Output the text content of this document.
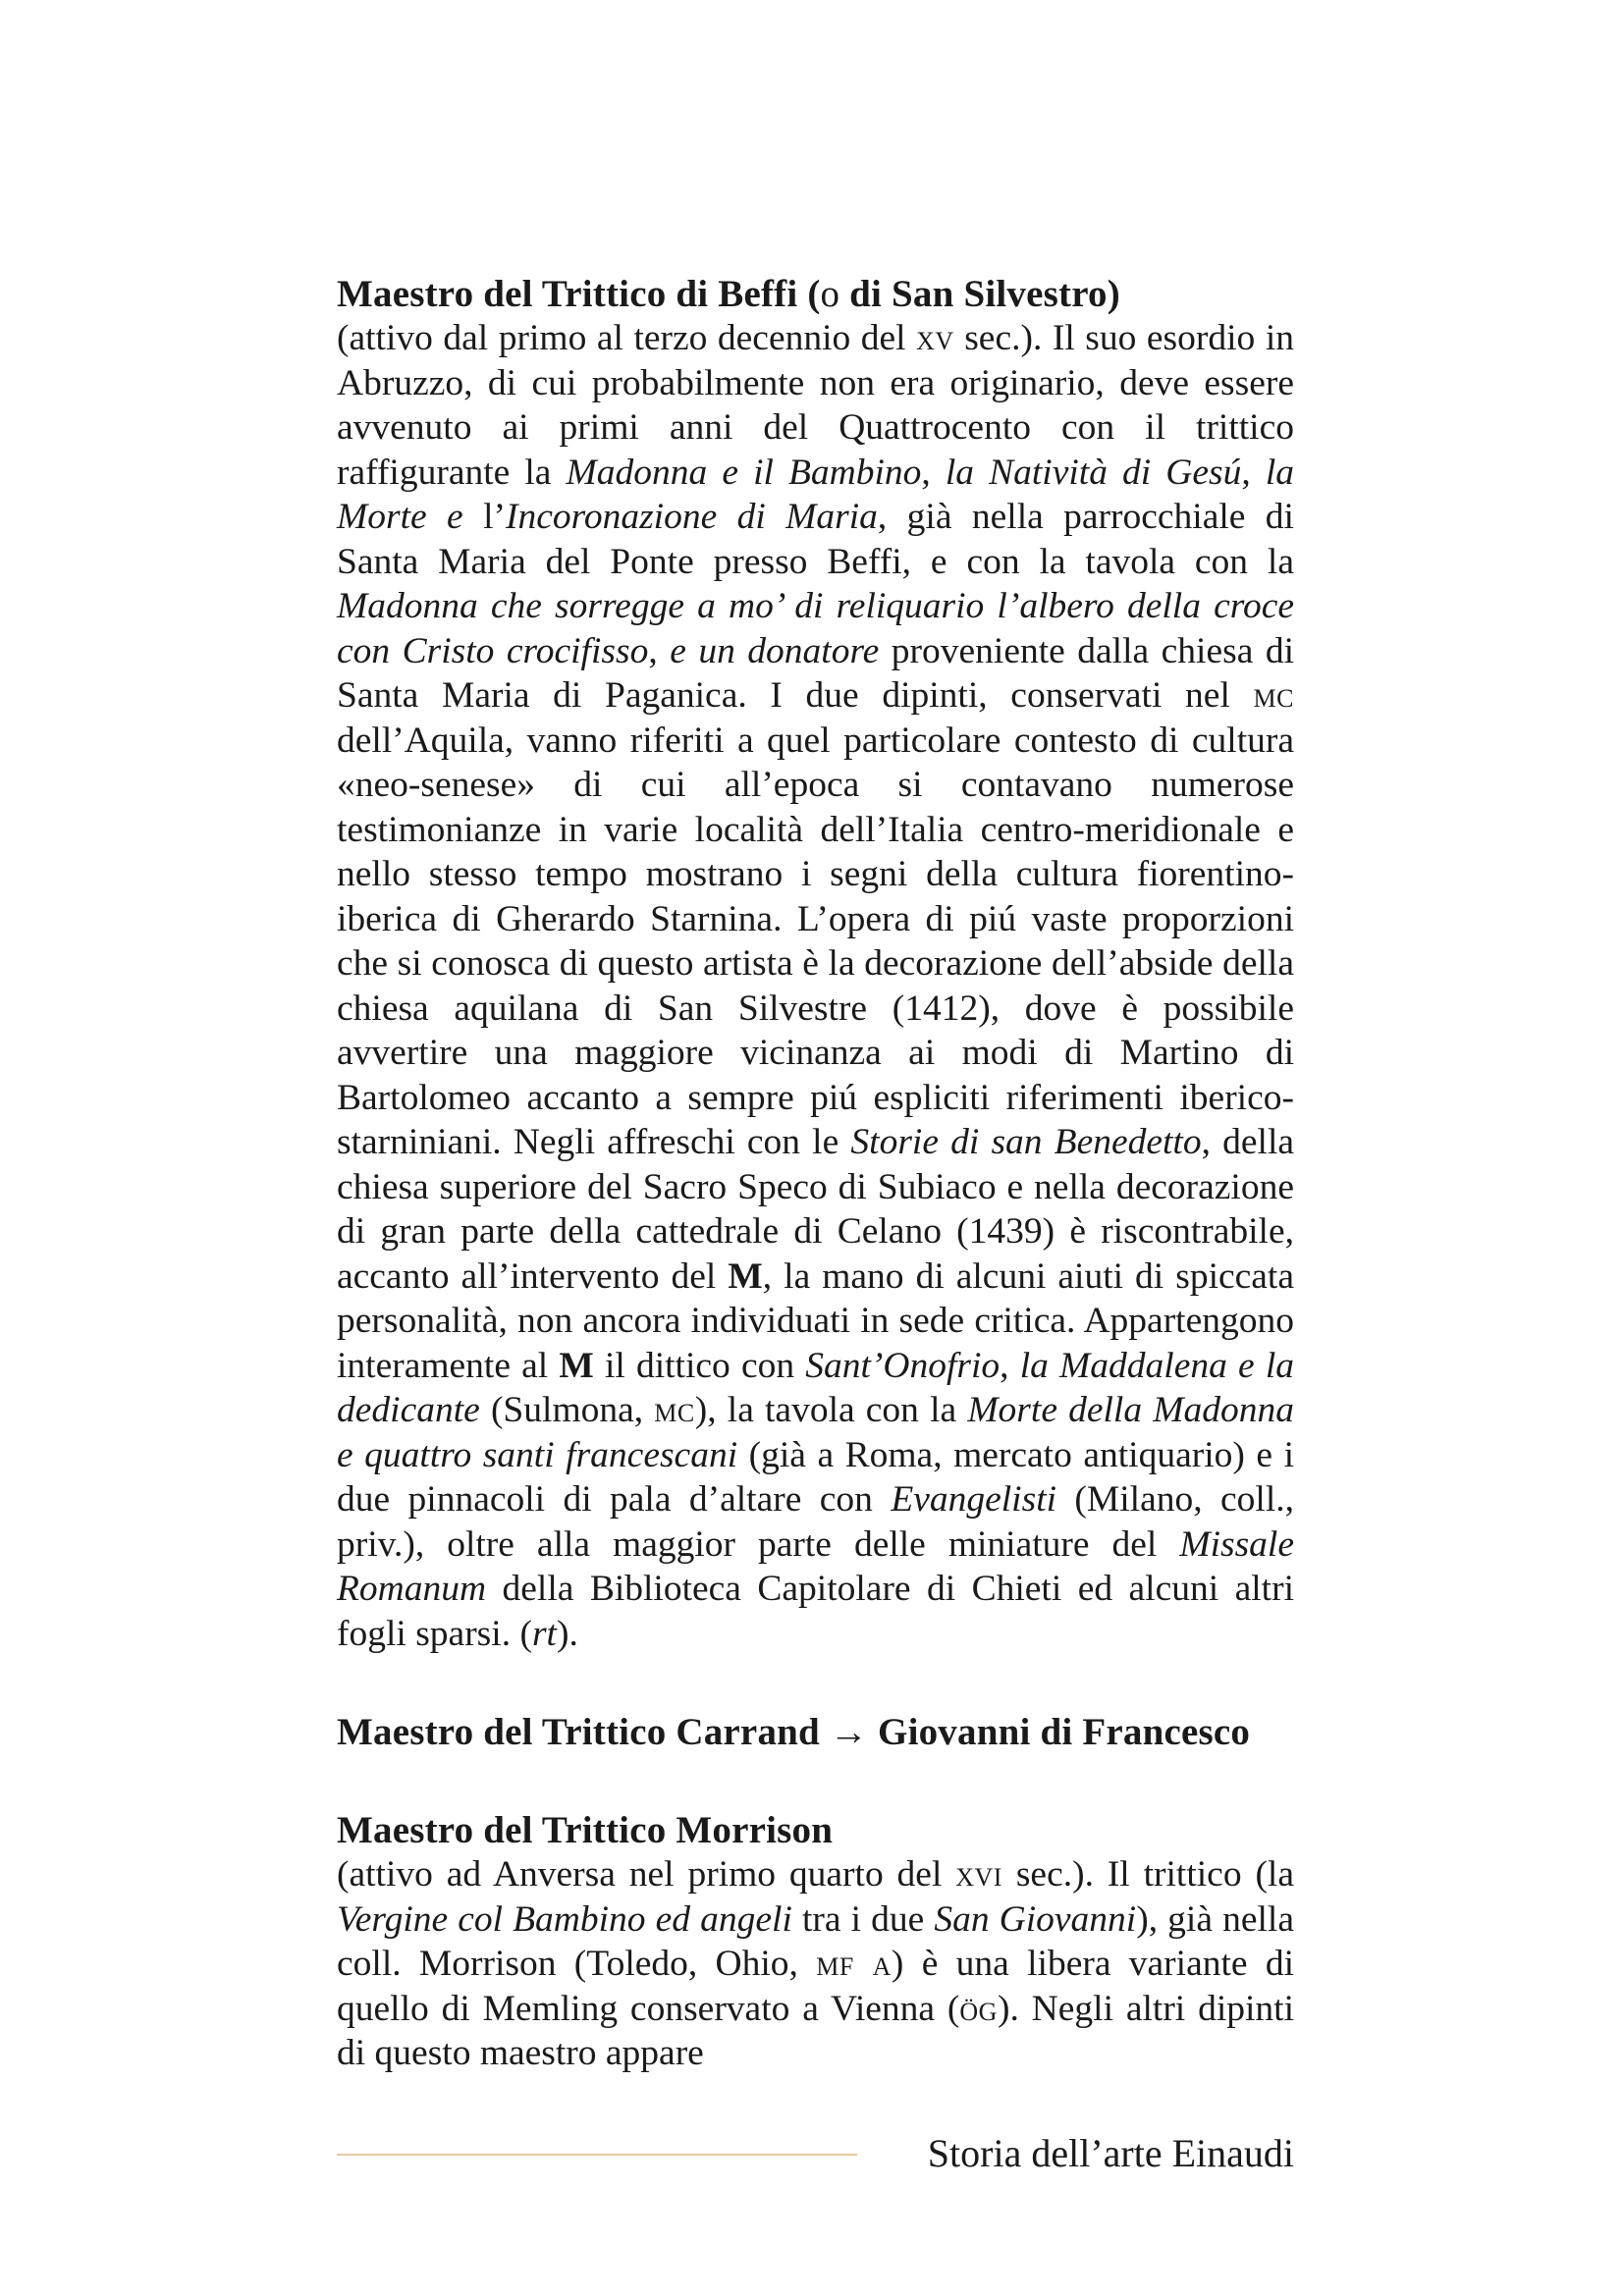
Maestro del Trittico di Beffi (o di San Silvestro)

(attivo dal primo al terzo decennio del xv sec.). Il suo esordio in Abruzzo, di cui probabilmente non era originario, deve essere avvenuto ai primi anni del Quattrocento con il trittico raffigurante la Madonna e il Bambino, la Natività di Gesú, la Morte e l’Incoronazione di Maria, già nella parrocchiale di Santa Maria del Ponte presso Beffi, e con la tavola con la Madonna che sorregge a mo’ di reliquario l’albero della croce con Cristo crocifisso, e un donatore proveniente dalla chiesa di Santa Maria di Paganica. I due dipinti, conservati nel mc dell’Aquila, vanno riferiti a quel particolare contesto di cultura «neo-senese» di cui all’epoca si contavano numerose testimonianze in varie località dell’Italia centro-meridionale e nello stesso tempo mostrano i segni della cultura fiorentino-iberica di Gherardo Starnina. L’opera di piú vaste proporzioni che si conosca di questo artista è la decorazione dell’abside della chiesa aquilana di San Silvestre (1412), dove è possibile avvertire una maggiore vicinanza ai modi di Martino di Bartolomeo accanto a sempre piú espliciti riferimenti iberico-starniniani. Negli affreschi con le Storie di san Benedetto, della chiesa superiore del Sacro Speco di Subiaco e nella decorazione di gran parte della cattedrale di Celano (1439) è riscontrabile, accanto all’intervento del M, la mano di alcuni aiuti di spiccata personalità, non ancora individuati in sede critica. Appartengono interamente al M il dittico con Sant’Onofrio, la Maddalena e la dedicante (Sulmona, mc), la tavola con la Morte della Madonna e quattro santi francescani (già a Roma, mercato antiquario) e i due pinnacoli di pala d’altare con Evangelisti (Milano, coll., priv.), oltre alla maggior parte delle miniature del Missale Romanum della Biblioteca Capitolare di Chieti ed alcuni altri fogli sparsi. (rt).

Maestro del Trittico Carrand → Giovanni di Francesco

Maestro del Trittico Morrison

(attivo ad Anversa nel primo quarto del xvi sec.). Il trittico (la Vergine col Bambino ed angeli tra i due San Giovanni), già nella coll. Morrison (Toledo, Ohio, mf a) è una libera variante di quello di Memling conservato a Vienna (ög). Negli altri dipinti di questo maestro appare

Storia dell’arte Einaudi
